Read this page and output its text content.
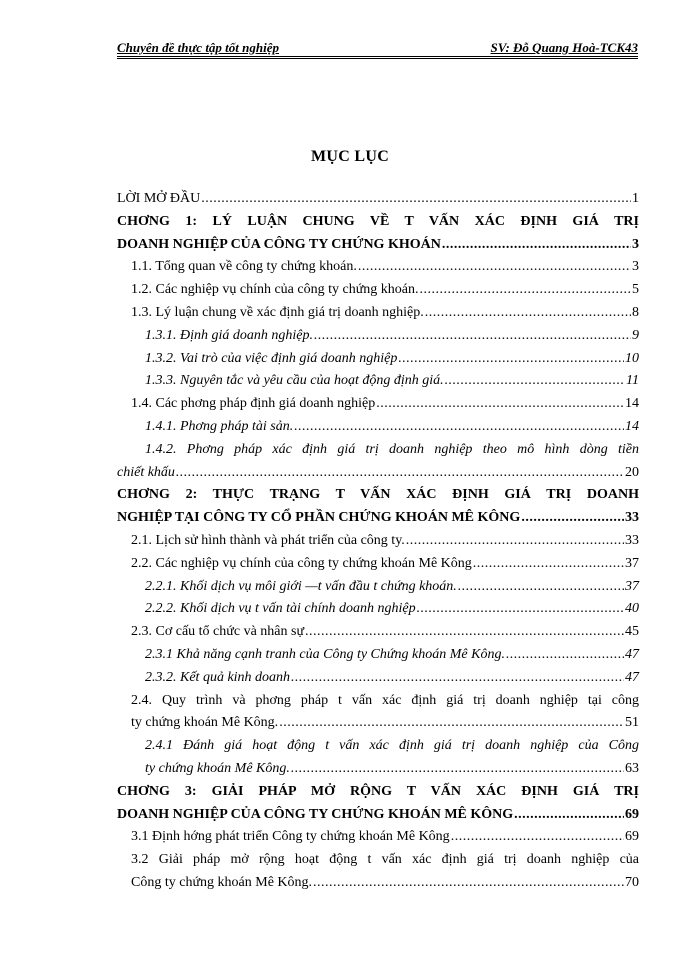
Chuyên đề thực tập tốt nghiệp	SV: Đỗ Quang Hoà-TCK43
MỤC LỤC
LỜI MỞ ĐẦU .....	1
CHƠNG 1: LÝ LUẬN CHUNG VỀ T VẤN XÁC ĐỊNH GIÁ TRỊ
DOANH NGHIỆP CỦA CÔNG TY CHỨNG KHOÁN .....	3
1.1. Tổng quan về công ty chứng khoán. .....	3
1.2. Các nghiệp vụ chính của công ty chứng khoán. .....	5
1.3. Lý luận chung về xác định giá trị doanh nghiệp. .....	8
1.3.1. Định giá doanh nghiệp. .....	9
1.3.2. Vai trò của việc định giá doanh nghiệp .....	10
1.3.3. Nguyên tắc và yêu cầu của hoạt động định giá. .....	11
1.4. Các phơng pháp định giá doanh nghiệp .....	14
1.4.1. Phơng pháp tài sản. .....	14
1.4.2. Phơng pháp xác định giá trị doanh nghiệp theo mô hình dòng tiền
chiết khấu .....	20
CHƠNG 2: THỰC TRẠNG T VẤN XÁC ĐỊNH GIÁ TRỊ DOANH
NGHIỆP TẠI CÔNG TY CỔ PHẦN CHỨNG KHOÁN MÊ KÔNG .....	33
2.1. Lịch sử hình thành và phát triển của công ty. .....	33
2.2. Các nghiệp vụ chính của công ty chứng khoán Mê Kông .....	37
2.2.1. Khối dịch vụ môi giới —t vấn đầu t chứng khoán. .....	37
2.2.2. Khối dịch vụ t vấn tài chính doanh nghiệp .....	40
2.3. Cơ cấu tổ chức và nhân sự .....	45
2.3.1 Khả năng cạnh tranh của Công ty Chứng khoán Mê Kông. .....	47
2.3.2. Kết quả kinh doanh .....	47
2.4. Quy trình và phơng pháp t vấn xác định giá trị doanh nghiệp tại công
ty chứng khoán Mê Kông. .....	51
2.4.1 Đánh giá hoạt động t vấn xác định giá trị doanh nghiệp của Công
ty chứng khoán Mê Kông. .....	63
CHƠNG 3: GIẢI PHÁP MỞ RỘNG T VẤN XÁC ĐỊNH GIÁ TRỊ
DOANH NGHIỆP CỦA CÔNG TY CHỨNG KHOÁN MÊ KÔNG .....	69
3.1 Định hớng phát triển Công ty chứng khoán Mê Kông .....	69
3.2 Giải pháp mở rộng hoạt động t vấn xác định giá trị doanh nghiệp của
Công ty chứng khoán Mê Kông. .....	70
